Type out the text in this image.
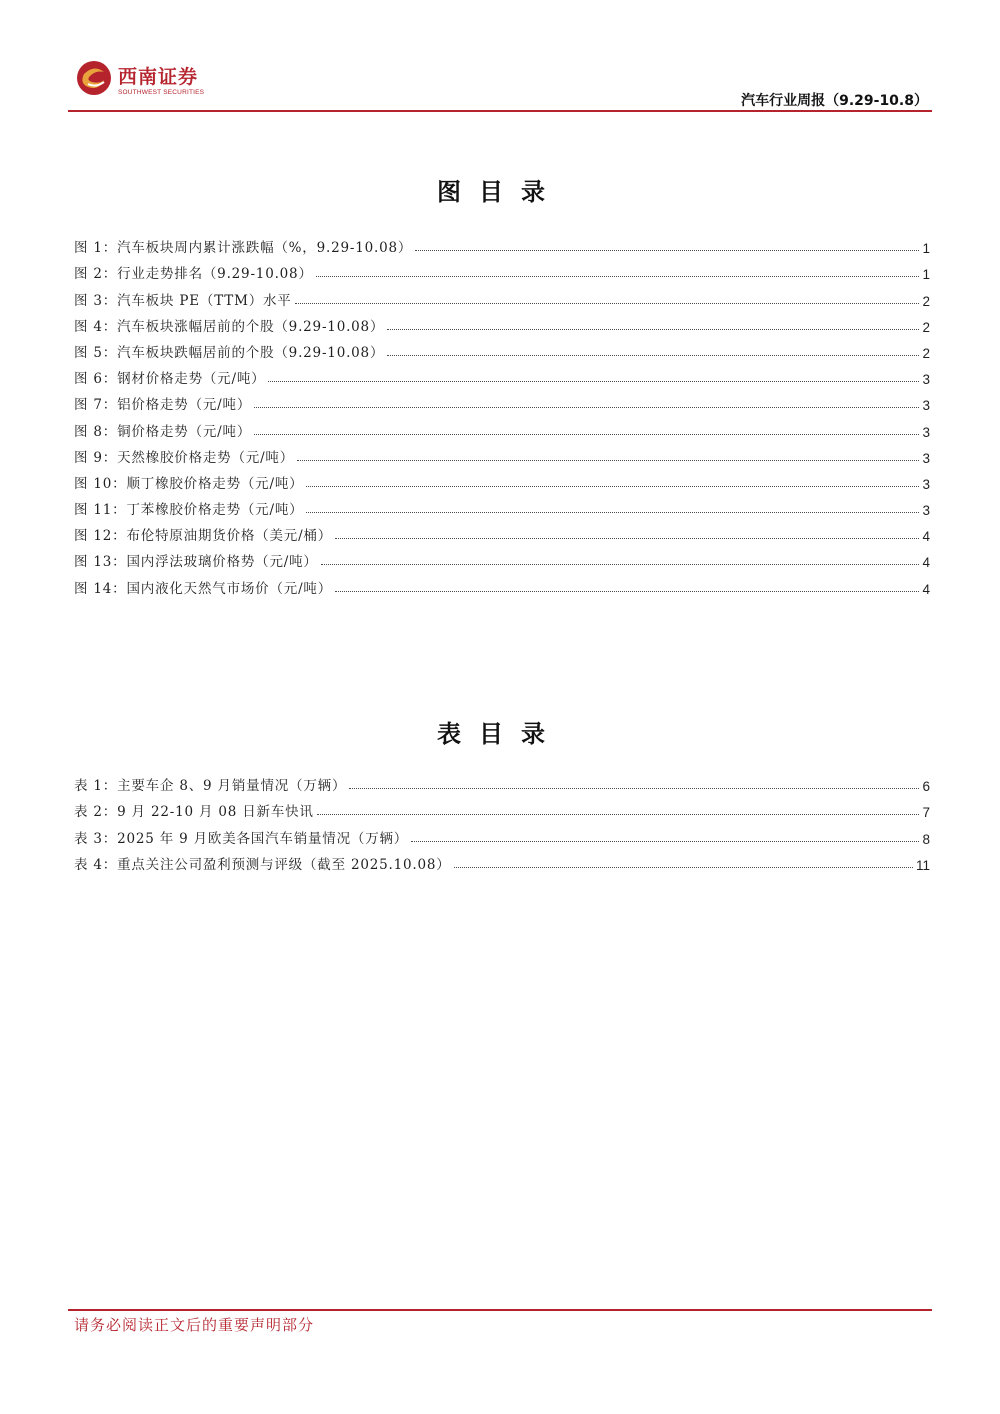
西南证券
SOUTHWEST SECURITIES
汽车行业周报（9.29-10.8）
图目录
图 1：汽车板块周内累计涨跌幅（%，9.29-10.08）	1
图 2：行业走势排名（9.29-10.08）	1
图 3：汽车板块 PE（TTM）水平	2
图 4：汽车板块涨幅居前的个股（9.29-10.08）	2
图 5：汽车板块跌幅居前的个股（9.29-10.08）	2
图 6：钢材价格走势（元/吨）	3
图 7：铝价格走势（元/吨）	3
图 8：铜价格走势（元/吨）	3
图 9：天然橡胶价格走势（元/吨）	3
图 10：顺丁橡胶价格走势（元/吨）	3
图 11：丁苯橡胶价格走势（元/吨）	3
图 12：布伦特原油期货价格（美元/桶）	4
图 13：国内浮法玻璃价格势（元/吨）	4
图 14：国内液化天然气市场价（元/吨）	4
表目录
表 1：主要车企 8、9 月销量情况（万辆）	6
表 2：9 月 22-10 月 08 日新车快讯	7
表 3：2025 年 9 月欧美各国汽车销量情况（万辆）	8
表 4：重点关注公司盈利预测与评级（截至 2025.10.08）	11
请务必阅读正文后的重要声明部分
